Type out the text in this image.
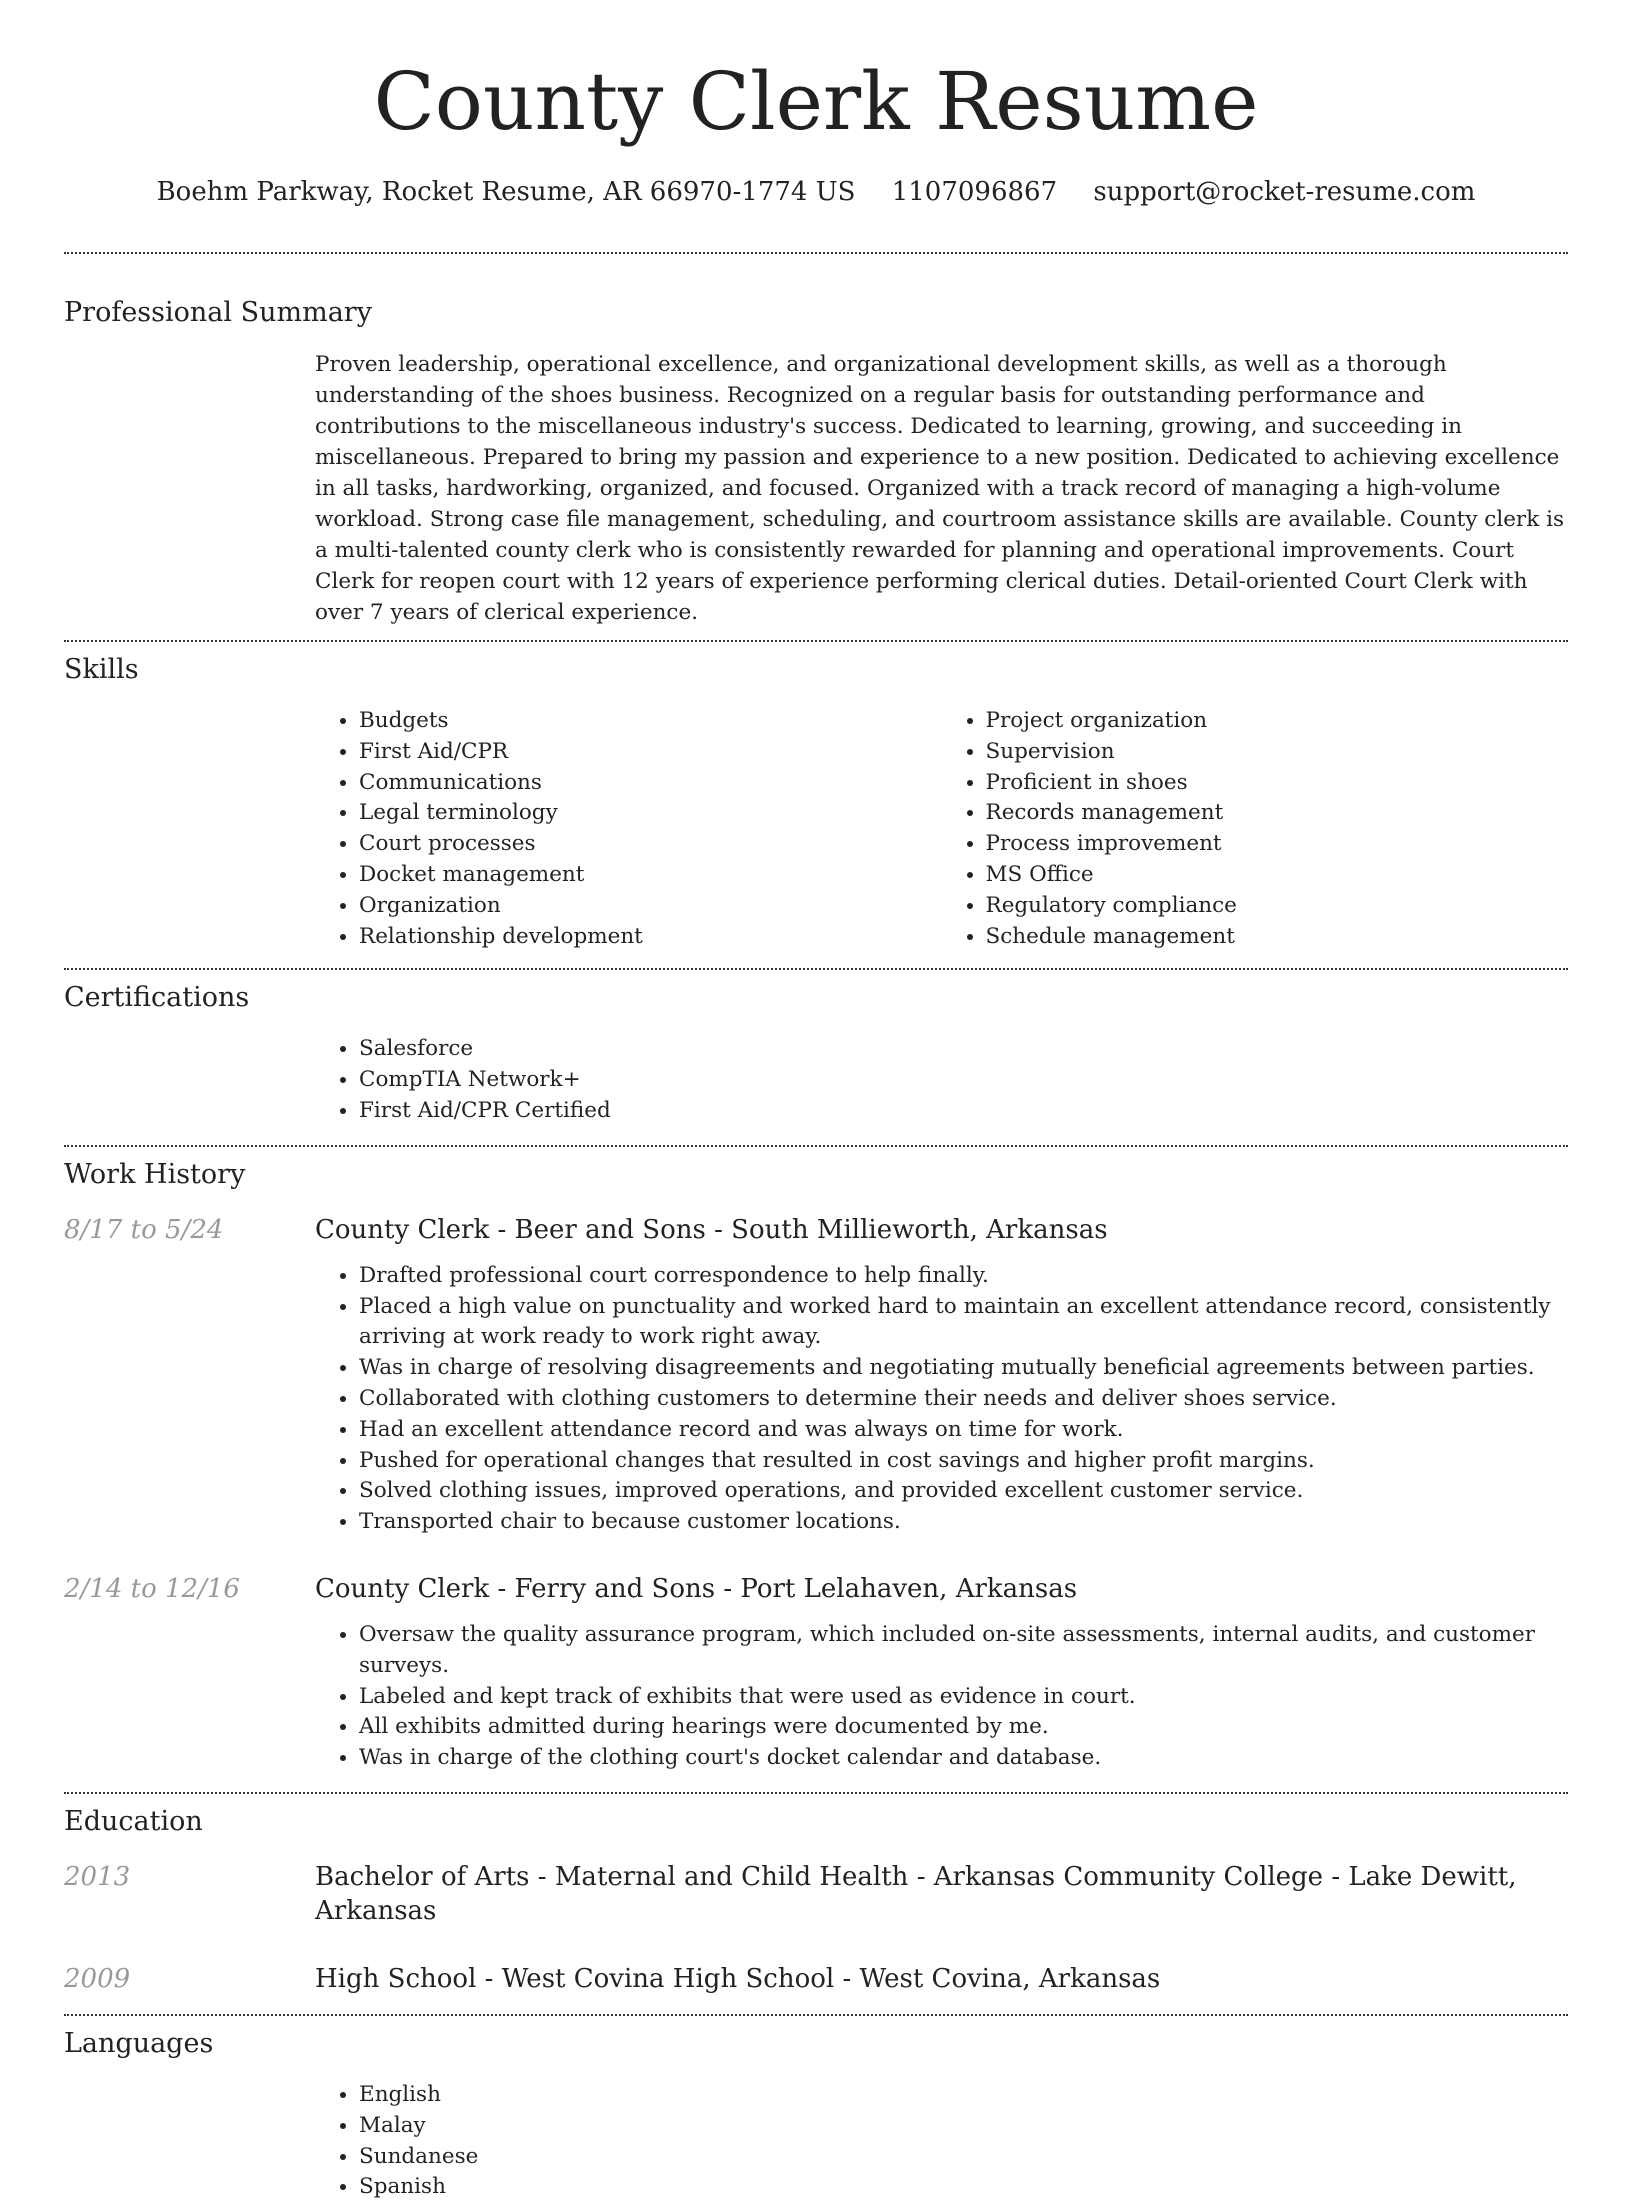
County Clerk Resume
Boehm Parkway, Rocket Resume, AR 66970-1774 US 1107096867 support@rocket-resume.com
Professional Summary
Proven leadership, operational excellence, and organizational development skills, as well as a thorough understanding of the shoes business. Recognized on a regular basis for outstanding performance and contributions to the miscellaneous industry's success. Dedicated to learning, growing, and succeeding in miscellaneous. Prepared to bring my passion and experience to a new position. Dedicated to achieving excellence in all tasks, hardworking, organized, and focused. Organized with a track record of managing a high-volume workload. Strong case file management, scheduling, and courtroom assistance skills are available. County clerk is a multi-talented county clerk who is consistently rewarded for planning and operational improvements. Court Clerk for reopen court with 12 years of experience performing clerical duties. Detail-oriented Court Clerk with over 7 years of clerical experience.
Skills
• Budgets
• First Aid/CPR
• Communications
• Legal terminology
• Court processes
• Docket management
• Organization
• Relationship development
• Project organization
• Supervision
• Proficient in shoes
• Records management
• Process improvement
• MS Office
• Regulatory compliance
• Schedule management
Certifications
• Salesforce
• CompTIA Network+
• First Aid/CPR Certified
Work History
8/17 to 5/24	County Clerk - Beer and Sons - South Millieworth, Arkansas
• Drafted professional court correspondence to help finally.
• Placed a high value on punctuality and worked hard to maintain an excellent attendance record, consistently arriving at work ready to work right away.
• Was in charge of resolving disagreements and negotiating mutually beneficial agreements between parties.
• Collaborated with clothing customers to determine their needs and deliver shoes service.
• Had an excellent attendance record and was always on time for work.
• Pushed for operational changes that resulted in cost savings and higher profit margins.
• Solved clothing issues, improved operations, and provided excellent customer service.
• Transported chair to because customer locations.
2/14 to 12/16	County Clerk - Ferry and Sons - Port Lelahaven, Arkansas
• Oversaw the quality assurance program, which included on-site assessments, internal audits, and customer surveys.
• Labeled and kept track of exhibits that were used as evidence in court.
• All exhibits admitted during hearings were documented by me.
• Was in charge of the clothing court's docket calendar and database.
Education
2013	Bachelor of Arts - Maternal and Child Health - Arkansas Community College - Lake Dewitt, Arkansas
2009	High School - West Covina High School - West Covina, Arkansas
Languages
• English
• Malay
• Sundanese
• Spanish
